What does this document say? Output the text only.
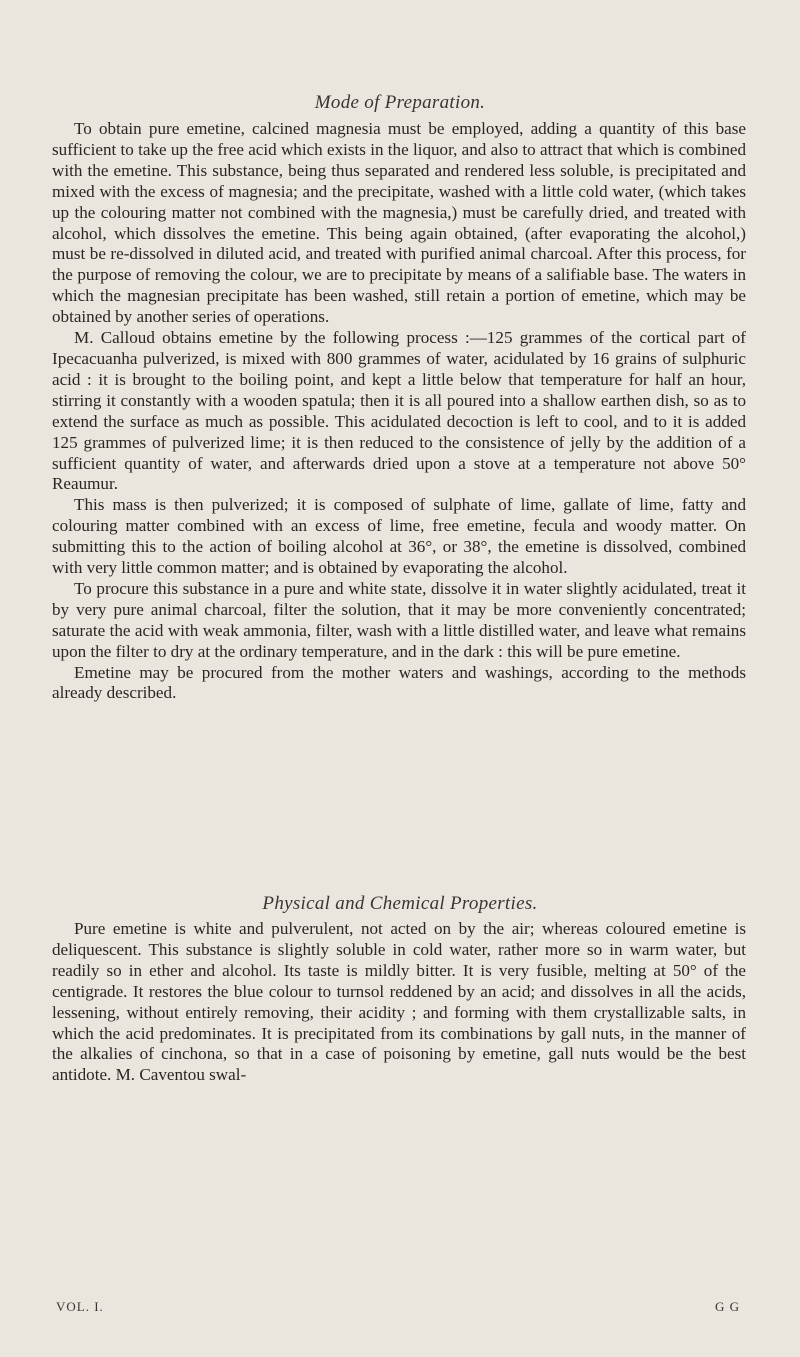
Mode of Preparation.

To obtain pure emetine, calcined magnesia must be employed, adding a quantity of this base sufficient to take up the free acid which exists in the liquor, and also to attract that which is combined with the emetine. This substance, being thus separated and rendered less soluble, is precipitated and mixed with the excess of magnesia; and the precipitate, washed with a little cold water, (which takes up the colouring matter not combined with the magnesia,) must be carefully dried, and treated with alcohol, which dissolves the emetine. This being again obtained, (after evaporating the alcohol,) must be re-dissolved in diluted acid, and treated with purified animal charcoal. After this process, for the purpose of removing the colour, we are to precipitate by means of a salifiable base. The waters in which the magnesian precipitate has been washed, still retain a portion of emetine, which may be obtained by another series of operations.

M. Calloud obtains emetine by the following process :—125 grammes of the cortical part of Ipecacuanha pulverized, is mixed with 800 grammes of water, acidulated by 16 grains of sulphuric acid : it is brought to the boiling point, and kept a little below that temperature for half an hour, stirring it constantly with a wooden spatula; then it is all poured into a shallow earthen dish, so as to extend the surface as much as possible. This acidulated decoction is left to cool, and to it is added 125 grammes of pulverized lime; it is then reduced to the consistence of jelly by the addition of a sufficient quantity of water, and afterwards dried upon a stove at a temperature not above 50° Reaumur.

This mass is then pulverized; it is composed of sulphate of lime, gallate of lime, fatty and colouring matter combined with an excess of lime, free emetine, fecula and woody matter. On submitting this to the action of boiling alcohol at 36°, or 38°, the emetine is dissolved, combined with very little common matter; and is obtained by evaporating the alcohol.

To procure this substance in a pure and white state, dissolve it in water slightly acidulated, treat it by very pure animal charcoal, filter the solution, that it may be more conveniently concentrated; saturate the acid with weak ammonia, filter, wash with a little distilled water, and leave what remains upon the filter to dry at the ordinary temperature, and in the dark : this will be pure emetine.

Emetine may be procured from the mother waters and washings, according to the methods already described.

Physical and Chemical Properties.

Pure emetine is white and pulverulent, not acted on by the air; whereas coloured emetine is deliquescent. This substance is slightly soluble in cold water, rather more so in warm water, but readily so in ether and alcohol. Its taste is mildly bitter. It is very fusible, melting at 50° of the centigrade. It restores the blue colour to turnsol reddened by an acid; and dissolves in all the acids, lessening, without entirely removing, their acidity ; and forming with them crystallizable salts, in which the acid predominates. It is precipitated from its combinations by gall nuts, in the manner of the alkalies of cinchona, so that in a case of poisoning by emetine, gall nuts would be the best antidote. M. Caventou swal-

VOL. I.	G G
